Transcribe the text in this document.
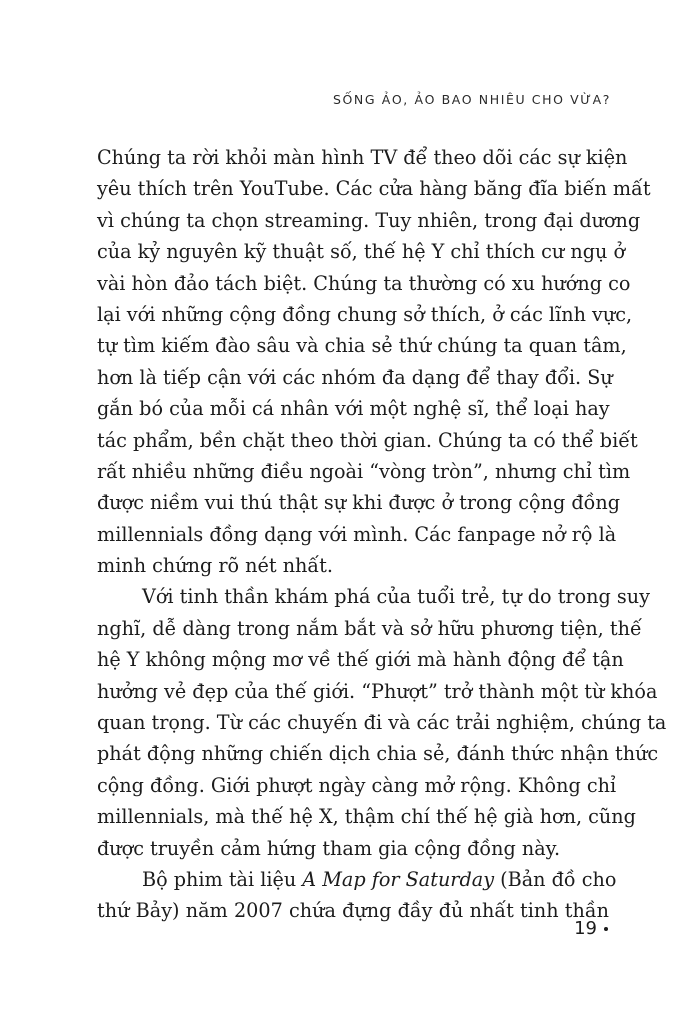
SỐNG ẢO, ẢO BAO NHIÊU CHO VỪA?
Chúng ta rời khỏi màn hình TV để theo dõi các sự kiện
yêu thích trên YouTube. Các cửa hàng băng đĩa biến mất
vì chúng ta chọn streaming. Tuy nhiên, trong đại dương
của kỷ nguyên kỹ thuật số, thế hệ Y chỉ thích cư ngụ ở
vài hòn đảo tách biệt. Chúng ta thường có xu hướng co
lại với những cộng đồng chung sở thích, ở các lĩnh vực,
tự tìm kiếm đào sâu và chia sẻ thứ chúng ta quan tâm,
hơn là tiếp cận với các nhóm đa dạng để thay đổi. Sự
gắn bó của mỗi cá nhân với một nghệ sĩ, thể loại hay
tác phẩm, bền chặt theo thời gian. Chúng ta có thể biết
rất nhiều những điều ngoài “vòng tròn”, nhưng chỉ tìm
được niềm vui thú thật sự khi được ở trong cộng đồng
millennials đồng dạng với mình. Các fanpage nở rộ là
minh chứng rõ nét nhất.
Với tinh thần khám phá của tuổi trẻ, tự do trong suy
nghĩ, dễ dàng trong nắm bắt và sở hữu phương tiện, thế
hệ Y không mộng mơ về thế giới mà hành động để tận
hưởng vẻ đẹp của thế giới. “Phượt” trở thành một từ khóa
quan trọng. Từ các chuyến đi và các trải nghiệm, chúng ta
phát động những chiến dịch chia sẻ, đánh thức nhận thức
cộng đồng. Giới phượt ngày càng mở rộng. Không chỉ
millennials, mà thế hệ X, thậm chí thế hệ già hơn, cũng
được truyền cảm hứng tham gia cộng đồng này.
Bộ phim tài liệu A Map for Saturday (Bản đồ cho
thứ Bảy) năm 2007 chứa đựng đầy đủ nhất tinh thần
19
